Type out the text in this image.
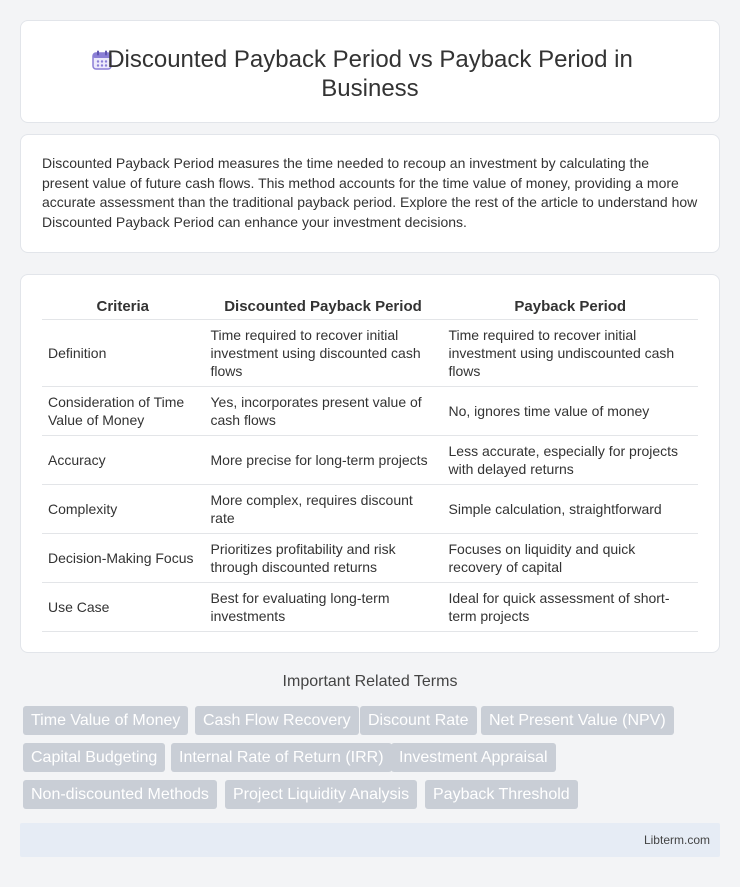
Discounted Payback Period vs Payback Period in Business

Discounted Payback Period measures the time needed to recoup an investment by calculating the present value of future cash flows. This method accounts for the time value of money, providing a more accurate assessment than the traditional payback period. Explore the rest of the article to understand how Discounted Payback Period can enhance your investment decisions.

Criteria	Discounted Payback Period	Payback Period
Definition	Time required to recover initial investment using discounted cash flows	Time required to recover initial investment using undiscounted cash flows
Consideration of Time Value of Money	Yes, incorporates present value of cash flows	No, ignores time value of money
Accuracy	More precise for long-term projects	Less accurate, especially for projects with delayed returns
Complexity	More complex, requires discount rate	Simple calculation, straightforward
Decision-Making Focus	Prioritizes profitability and risk through discounted returns	Focuses on liquidity and quick recovery of capital
Use Case	Best for evaluating long-term investments	Ideal for quick assessment of short-term projects
Important Related Terms
Time Value of Money	Cash Flow Recovery	Discount Rate	Net Present Value (NPV)
Capital Budgeting	Internal Rate of Return (IRR) Investment Appraisal
Non-discounted Methods	Project Liquidity Analysis	Payback Threshold
Libterm.com
